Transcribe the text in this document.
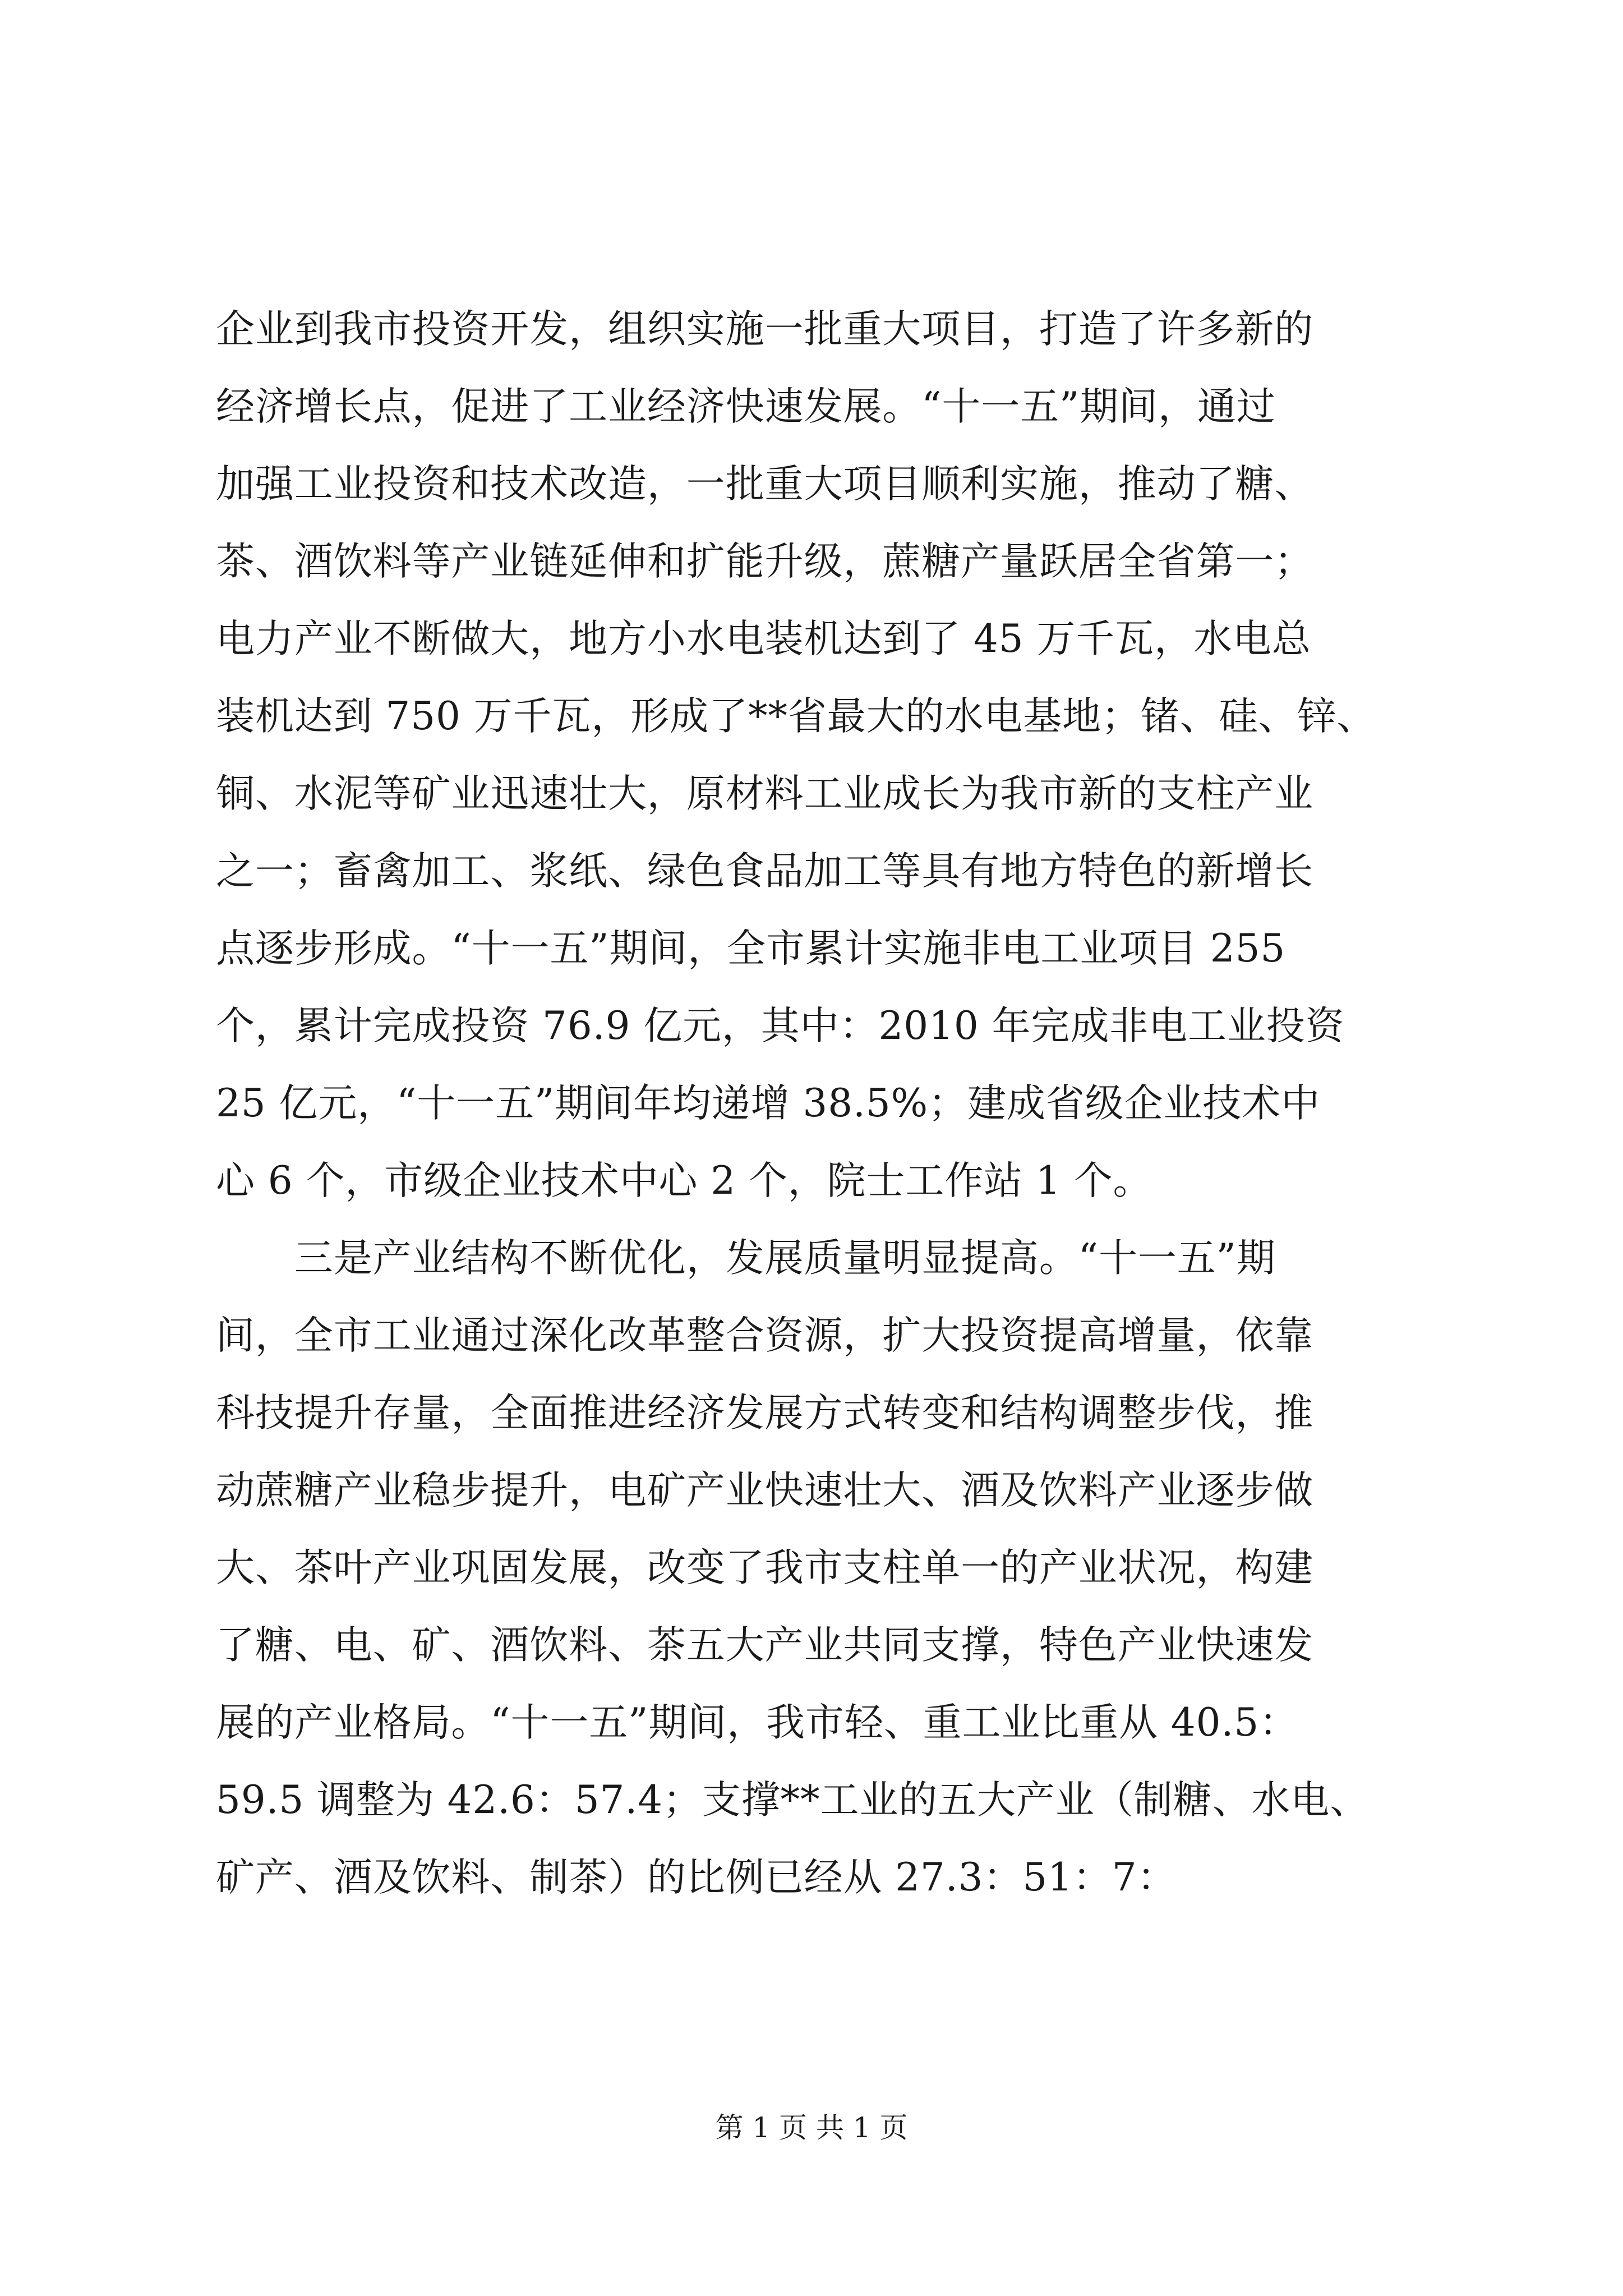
企业到我市投资开发，组织实施一批重大项目，打造了许多新的
经济增长点，促进了工业经济快速发展。“十一五”期间，通过
加强工业投资和技术改造，一批重大项目顺利实施，推动了糖、
茶、酒饮料等产业链延伸和扩能升级，蔗糖产量跃居全省第一；
电力产业不断做大，地方小水电装机达到了 45 万千瓦，水电总
装机达到 750 万千瓦，形成了**省最大的水电基地；锗、硅、锌、
铜、水泥等矿业迅速壮大，原材料工业成长为我市新的支柱产业
之一；畜禽加工、浆纸、绿色食品加工等具有地方特色的新增长
点逐步形成。“十一五”期间，全市累计实施非电工业项目 255
个，累计完成投资 76.9 亿元，其中：2010 年完成非电工业投资
25 亿元，“十一五”期间年均递增 38.5%；建成省级企业技术中
心 6 个，市级企业技术中心 2 个，院士工作站 1 个。
　　三是产业结构不断优化，发展质量明显提高。“十一五”期
间，全市工业通过深化改革整合资源，扩大投资提高增量，依靠
科技提升存量，全面推进经济发展方式转变和结构调整步伐，推
动蔗糖产业稳步提升，电矿产业快速壮大、酒及饮料产业逐步做
大、茶叶产业巩固发展，改变了我市支柱单一的产业状况，构建
了糖、电、矿、酒饮料、茶五大产业共同支撑，特色产业快速发
展的产业格局。“十一五”期间，我市轻、重工业比重从 40.5：
59.5 调整为 42.6：57.4；支撑**工业的五大产业（制糖、水电、
矿产、酒及饮料、制茶）的比例已经从 27.3：51：7：
第 1 页 共 1 页
